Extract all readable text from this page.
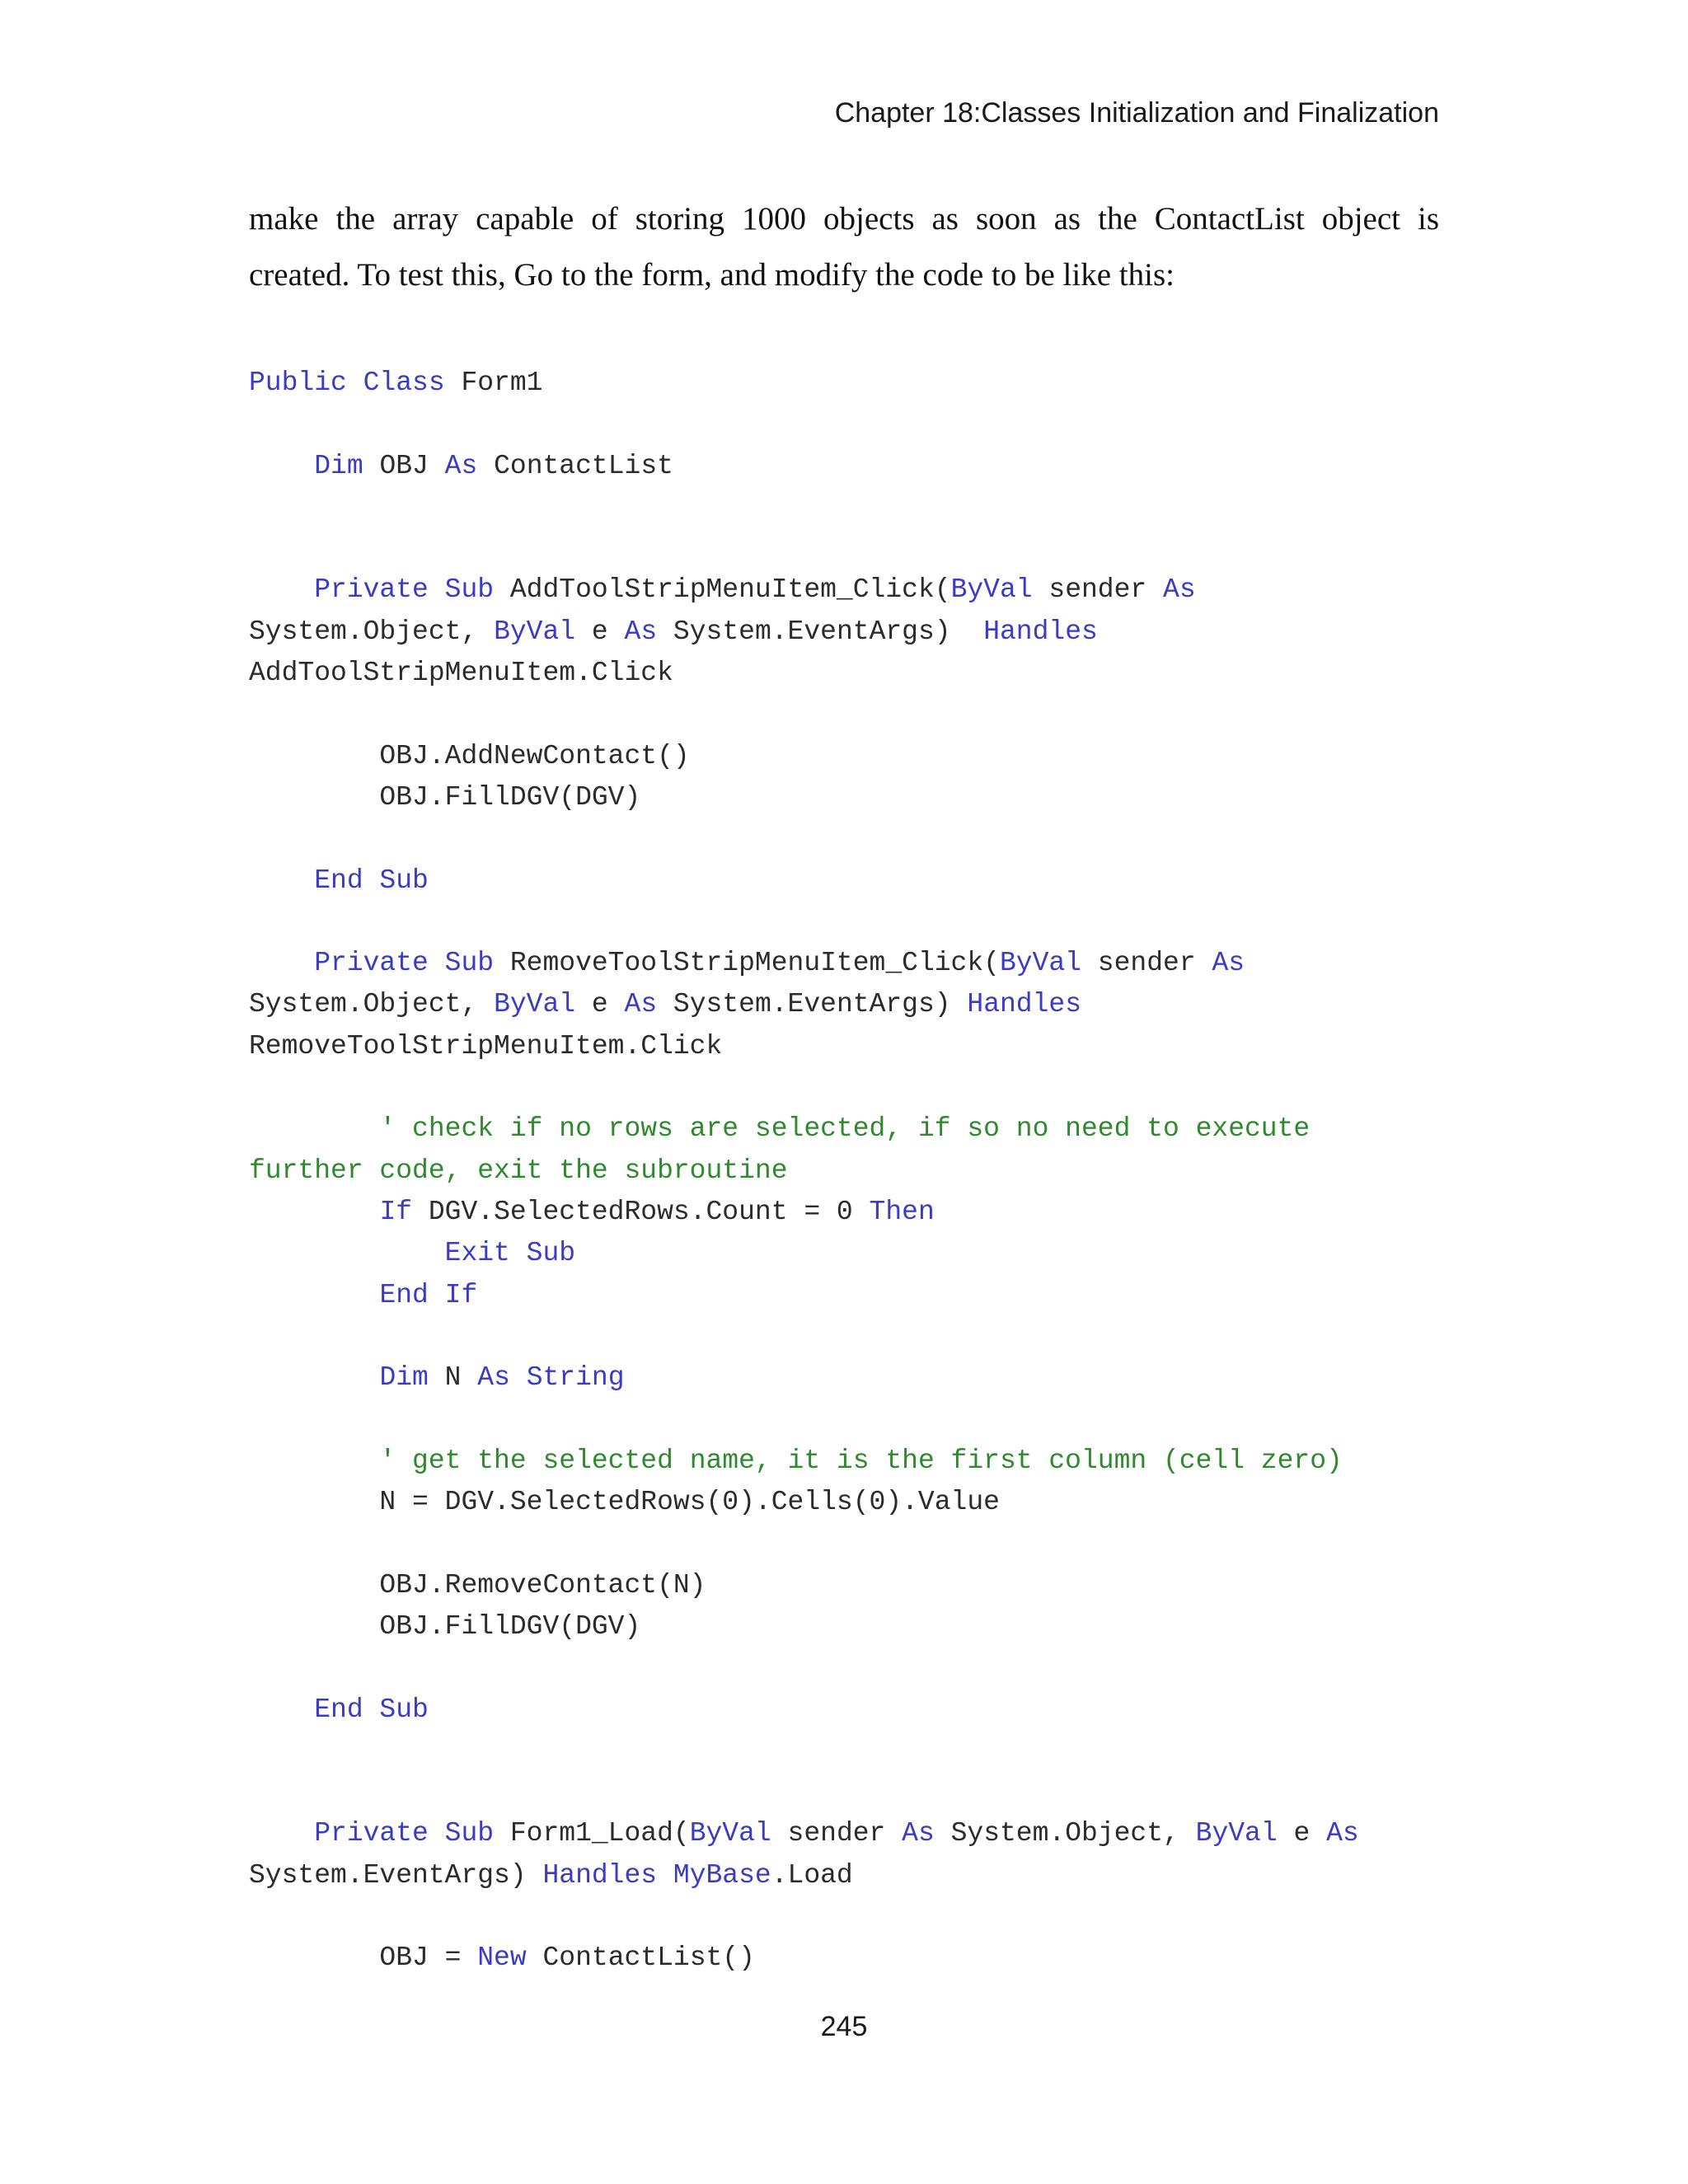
Chapter 18:Classes Initialization and Finalization
make the array capable of storing 1000 objects as soon as the ContactList object is
created. To test this, Go to the form, and modify the code to be like this:
Public Class Form1
Dim OBJ As ContactList
Private Sub AddToolStripMenuItem_Click(ByVal sender As
System.Object, ByVal e As System.EventArgs)  Handles
AddToolStripMenuItem.Click
OBJ.AddNewContact()
OBJ.FillDGV(DGV)
End Sub
Private Sub RemoveToolStripMenuItem_Click(ByVal sender As
System.Object, ByVal e As System.EventArgs) Handles
RemoveToolStripMenuItem.Click
' check if no rows are selected, if so no need to execute
further code, exit the subroutine
If DGV.SelectedRows.Count = 0 Then
Exit Sub
End If
Dim N As String
' get the selected name, it is the first column (cell zero)
N = DGV.SelectedRows(0).Cells(0).Value
OBJ.RemoveContact(N)
OBJ.FillDGV(DGV)
End Sub
Private Sub Form1_Load(ByVal sender As System.Object, ByVal e As
System.EventArgs) Handles MyBase.Load
OBJ = New ContactList()
245
